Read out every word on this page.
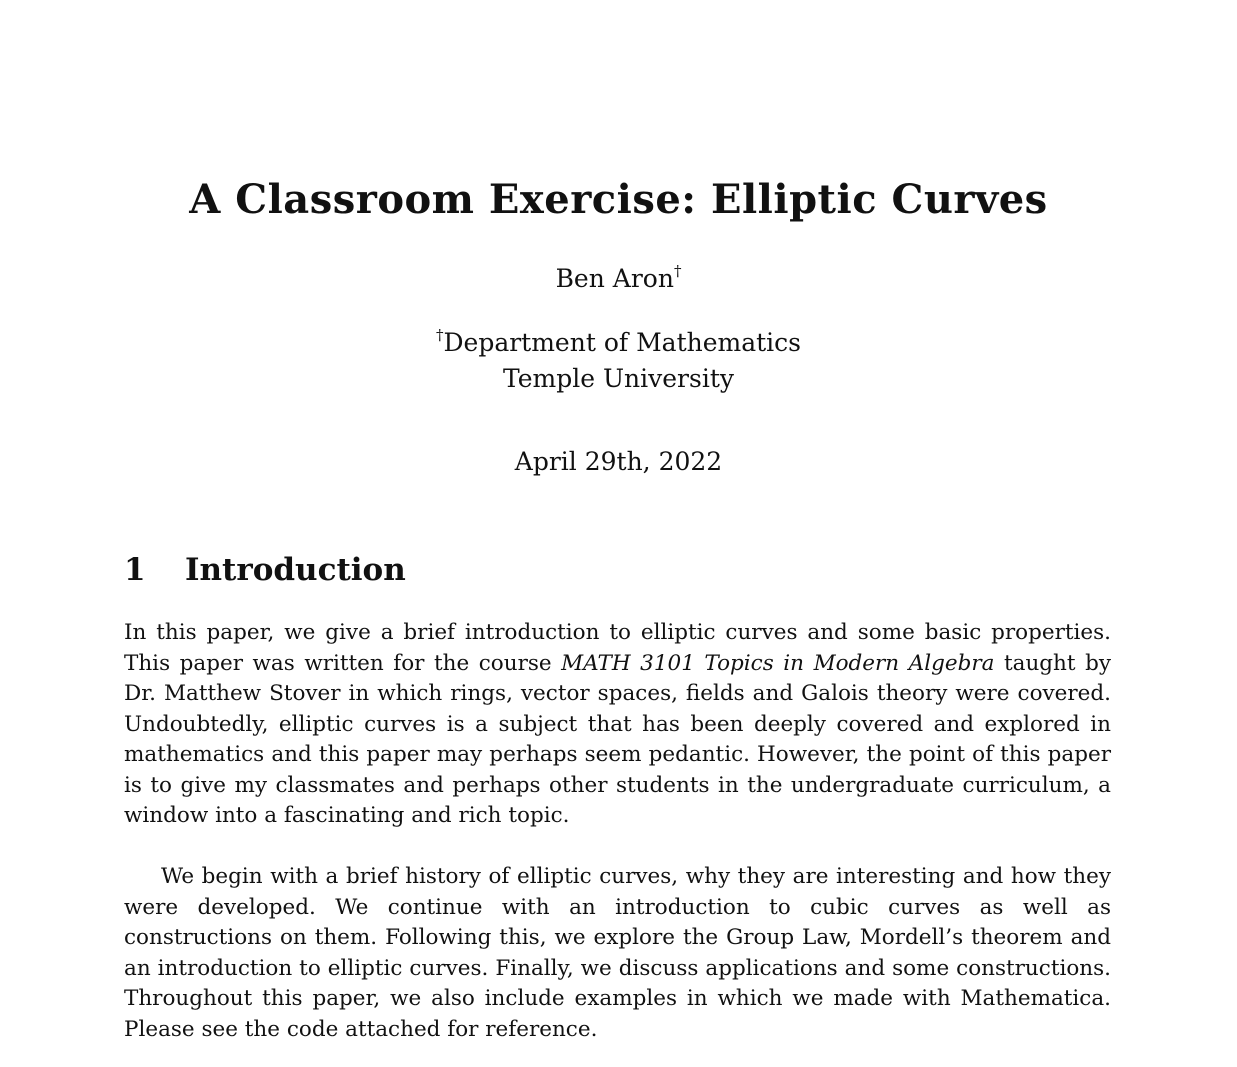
A Classroom Exercise: Elliptic Curves
Ben Aron†
†Department of Mathematics
Temple University
April 29th, 2022
1 Introduction

In this paper, we give a brief introduction to elliptic curves and some basic properties. This paper was written for the course MATH 3101 Topics in Modern Algebra taught by Dr. Matthew Stover in which rings, vector spaces, fields and Galois theory were covered. Undoubtedly, elliptic curves is a subject that has been deeply covered and explored in mathematics and this paper may perhaps seem pedantic. However, the point of this paper is to give my classmates and perhaps other students in the undergraduate curriculum, a window into a fascinating and rich topic.

We begin with a brief history of elliptic curves, why they are interesting and how they were developed. We continue with an introduction to cubic curves as well as constructions on them. Following this, we explore the Group Law, Mordell’s theorem and an introduction to elliptic curves. Finally, we discuss applications and some constructions. Throughout this paper, we also include examples in which we made with Mathematica. Please see the code attached for reference.
